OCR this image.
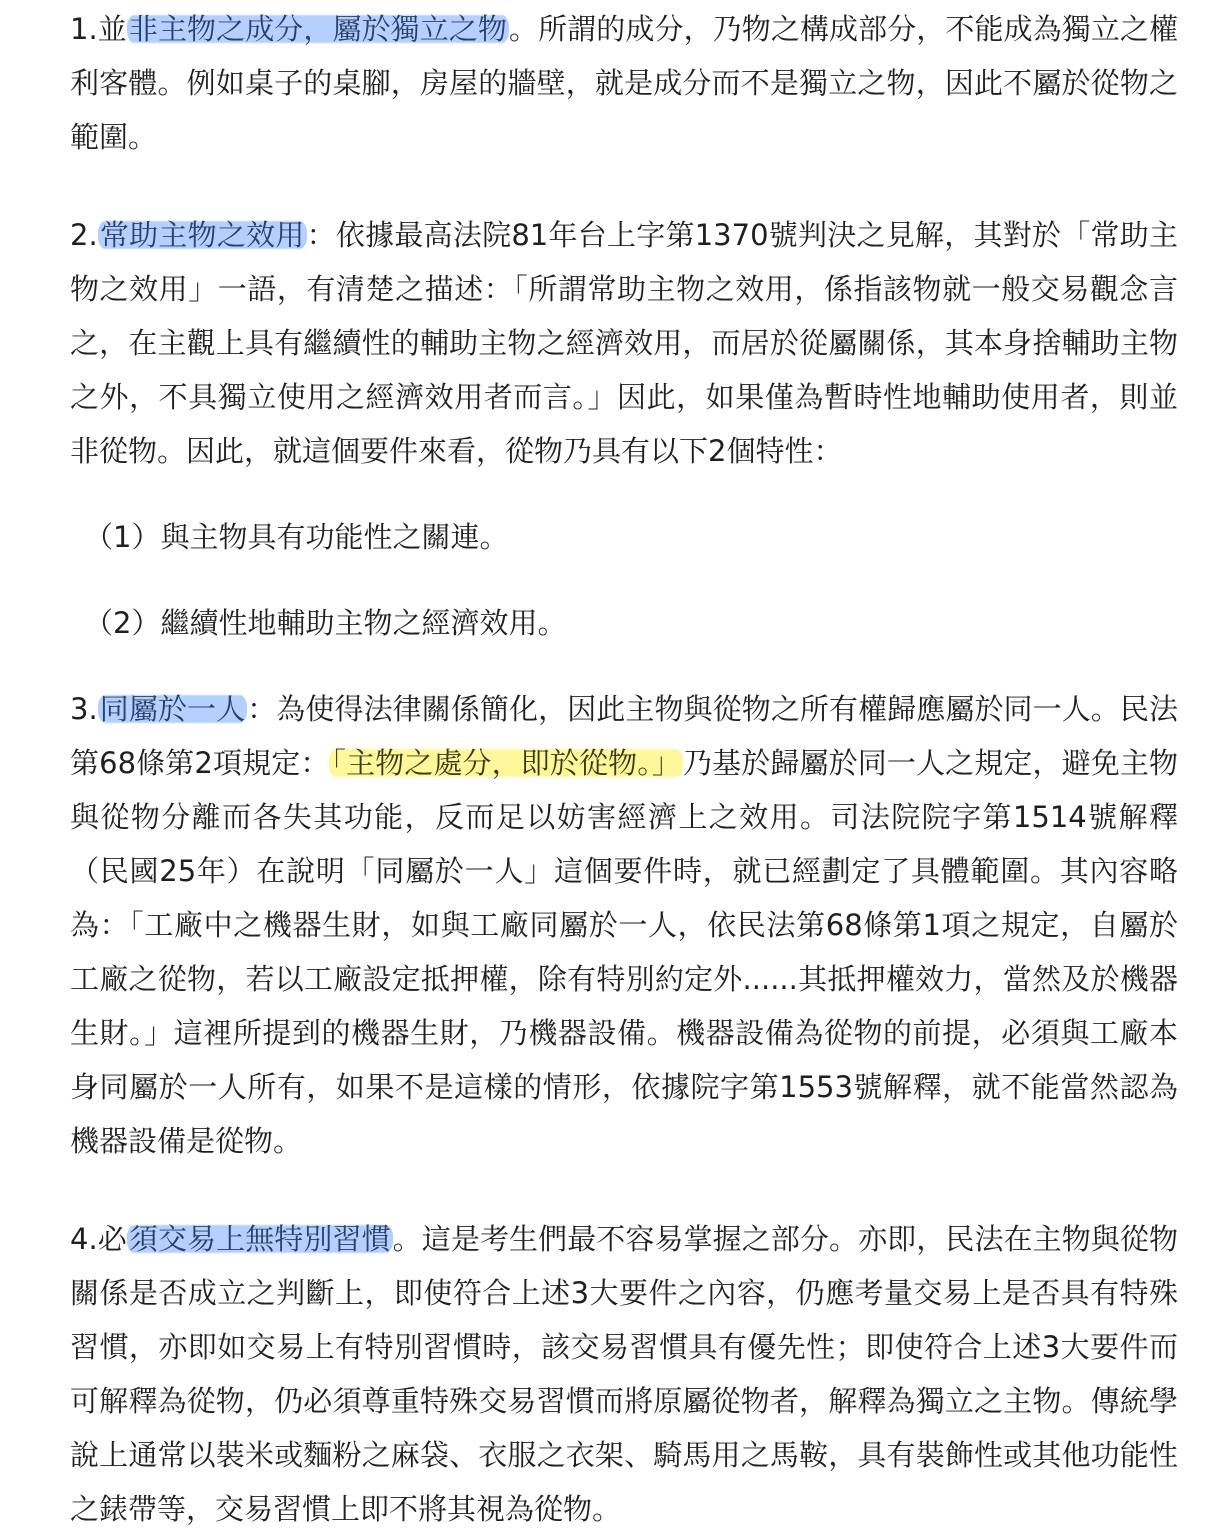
1.並非主物之成分，屬於獨立之物。所謂的成分，乃物之構成部分，不能成為獨立之權利客體。例如桌子的桌腳，房屋的牆壁，就是成分而不是獨立之物，因此不屬於從物之範圍。

2.常助主物之效用：依據最高法院81年台上字第1370號判決之見解，其對於「常助主物之效用」一語，有清楚之描述：「所謂常助主物之效用，係指該物就一般交易觀念言之，在主觀上具有繼續性的輔助主物之經濟效用，而居於從屬關係，其本身捨輔助主物之外，不具獨立使用之經濟效用者而言。」因此，如果僅為暫時性地輔助使用者，則並非從物。因此，就這個要件來看，從物乃具有以下2個特性：

（1）與主物具有功能性之關連。

（2）繼續性地輔助主物之經濟效用。

3.同屬於一人：為使得法律關係簡化，因此主物與從物之所有權歸應屬於同一人。民法第68條第2項規定：「主物之處分，即於從物。」乃基於歸屬於同一人之規定，避免主物與從物分離而各失其功能，反而足以妨害經濟上之效用。司法院院字第1514號解釋（民國25年）在說明「同屬於一人」這個要件時，就已經劃定了具體範圍。其內容略為：「工廠中之機器生財，如與工廠同屬於一人，依民法第68條第1項之規定，自屬於工廠之從物，若以工廠設定抵押權，除有特別約定外......其抵押權效力，當然及於機器生財。」這裡所提到的機器生財，乃機器設備。機器設備為從物的前提，必須與工廠本身同屬於一人所有，如果不是這樣的情形，依據院字第1553號解釋，就不能當然認為機器設備是從物。

4.必須交易上無特別習慣。這是考生們最不容易掌握之部分。亦即，民法在主物與從物關係是否成立之判斷上，即使符合上述3大要件之內容，仍應考量交易上是否具有特殊習慣，亦即如交易上有特別習慣時，該交易習慣具有優先性；即使符合上述3大要件而可解釋為從物，仍必須尊重特殊交易習慣而將原屬從物者，解釋為獨立之主物。傳統學說上通常以裝米或麵粉之麻袋、衣服之衣架、騎馬用之馬鞍，具有裝飾性或其他功能性之錶帶等，交易習慣上即不將其視為從物。
